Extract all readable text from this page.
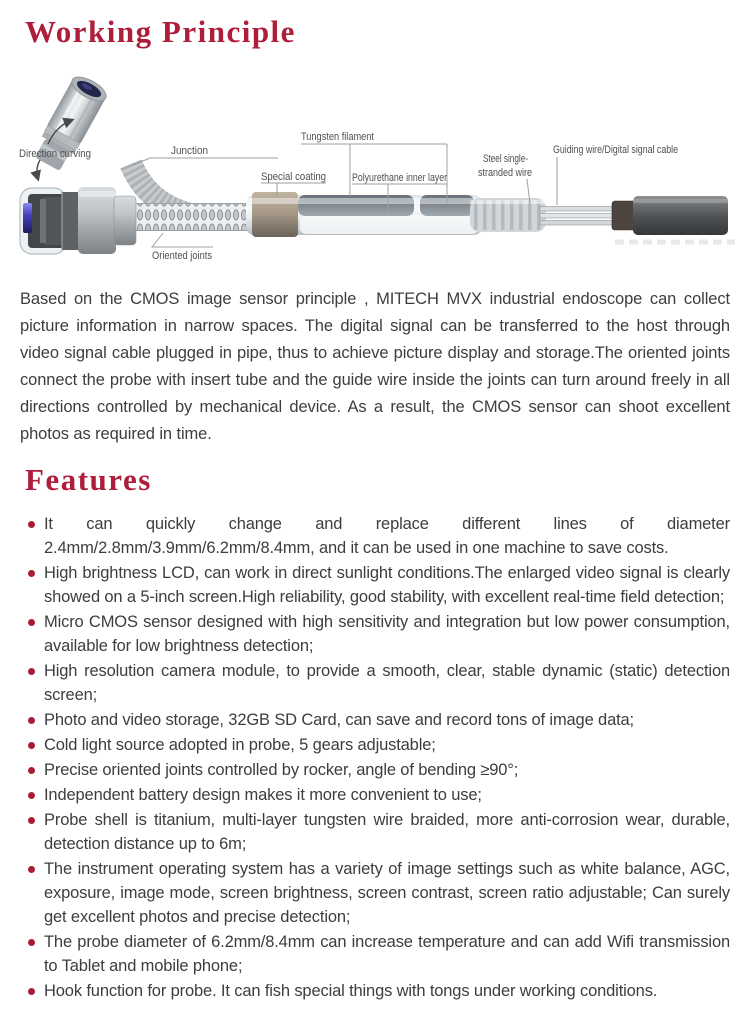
Working Principle
Direction curving	Junction
Oriented joints
Tungsten filament
Special coating Polyurethane inner layer
Steel single-
stranded wire
Guiding wire/Digital signal cable

Based on the CMOS image sensor principle , MITECH MVX industrial endoscope can collect picture information in narrow spaces. The digital signal can be transferred to the host through video signal cable plugged in pipe, thus to achieve picture display and storage.The oriented joints connect the probe with insert tube and the guide wire inside the joints can turn around freely in all directions controlled by mechanical device. As a result, the CMOS sensor can shoot excellent photos as required in time.

Features
It can quickly change and replace different lines of diameter 2.4mm/2.8mm/3.9mm/6.2mm/8.4mm, and it can be used in one machine to save costs.
High brightness LCD, can work in direct sunlight conditions.The enlarged video signal is clearly showed on a 5-inch screen.High reliability, good stability, with excellent real-time field detection;
Micro CMOS sensor designed with high sensitivity and integration but low power consumption, available for low brightness detection;
High resolution camera module, to provide a smooth, clear, stable dynamic (static) detection screen;
Photo and video storage, 32GB SD Card, can save and record tons of image data;
Cold light source adopted in probe, 5 gears adjustable;
Precise oriented joints controlled by rocker, angle of bending ≥90°;
Independent battery design makes it more convenient to use;
Probe shell is titanium, multi-layer tungsten wire braided, more anti-corrosion wear, durable, detection distance up to 6m;
The instrument operating system has a variety of image settings such as white balance, AGC, exposure, image mode, screen brightness, screen contrast, screen ratio adjustable; Can surely get excellent photos and precise detection;
The probe diameter of 6.2mm/8.4mm can increase temperature and can add Wifi transmission to Tablet and mobile phone;
Hook function for probe. It can fish special things with tongs under working conditions.
